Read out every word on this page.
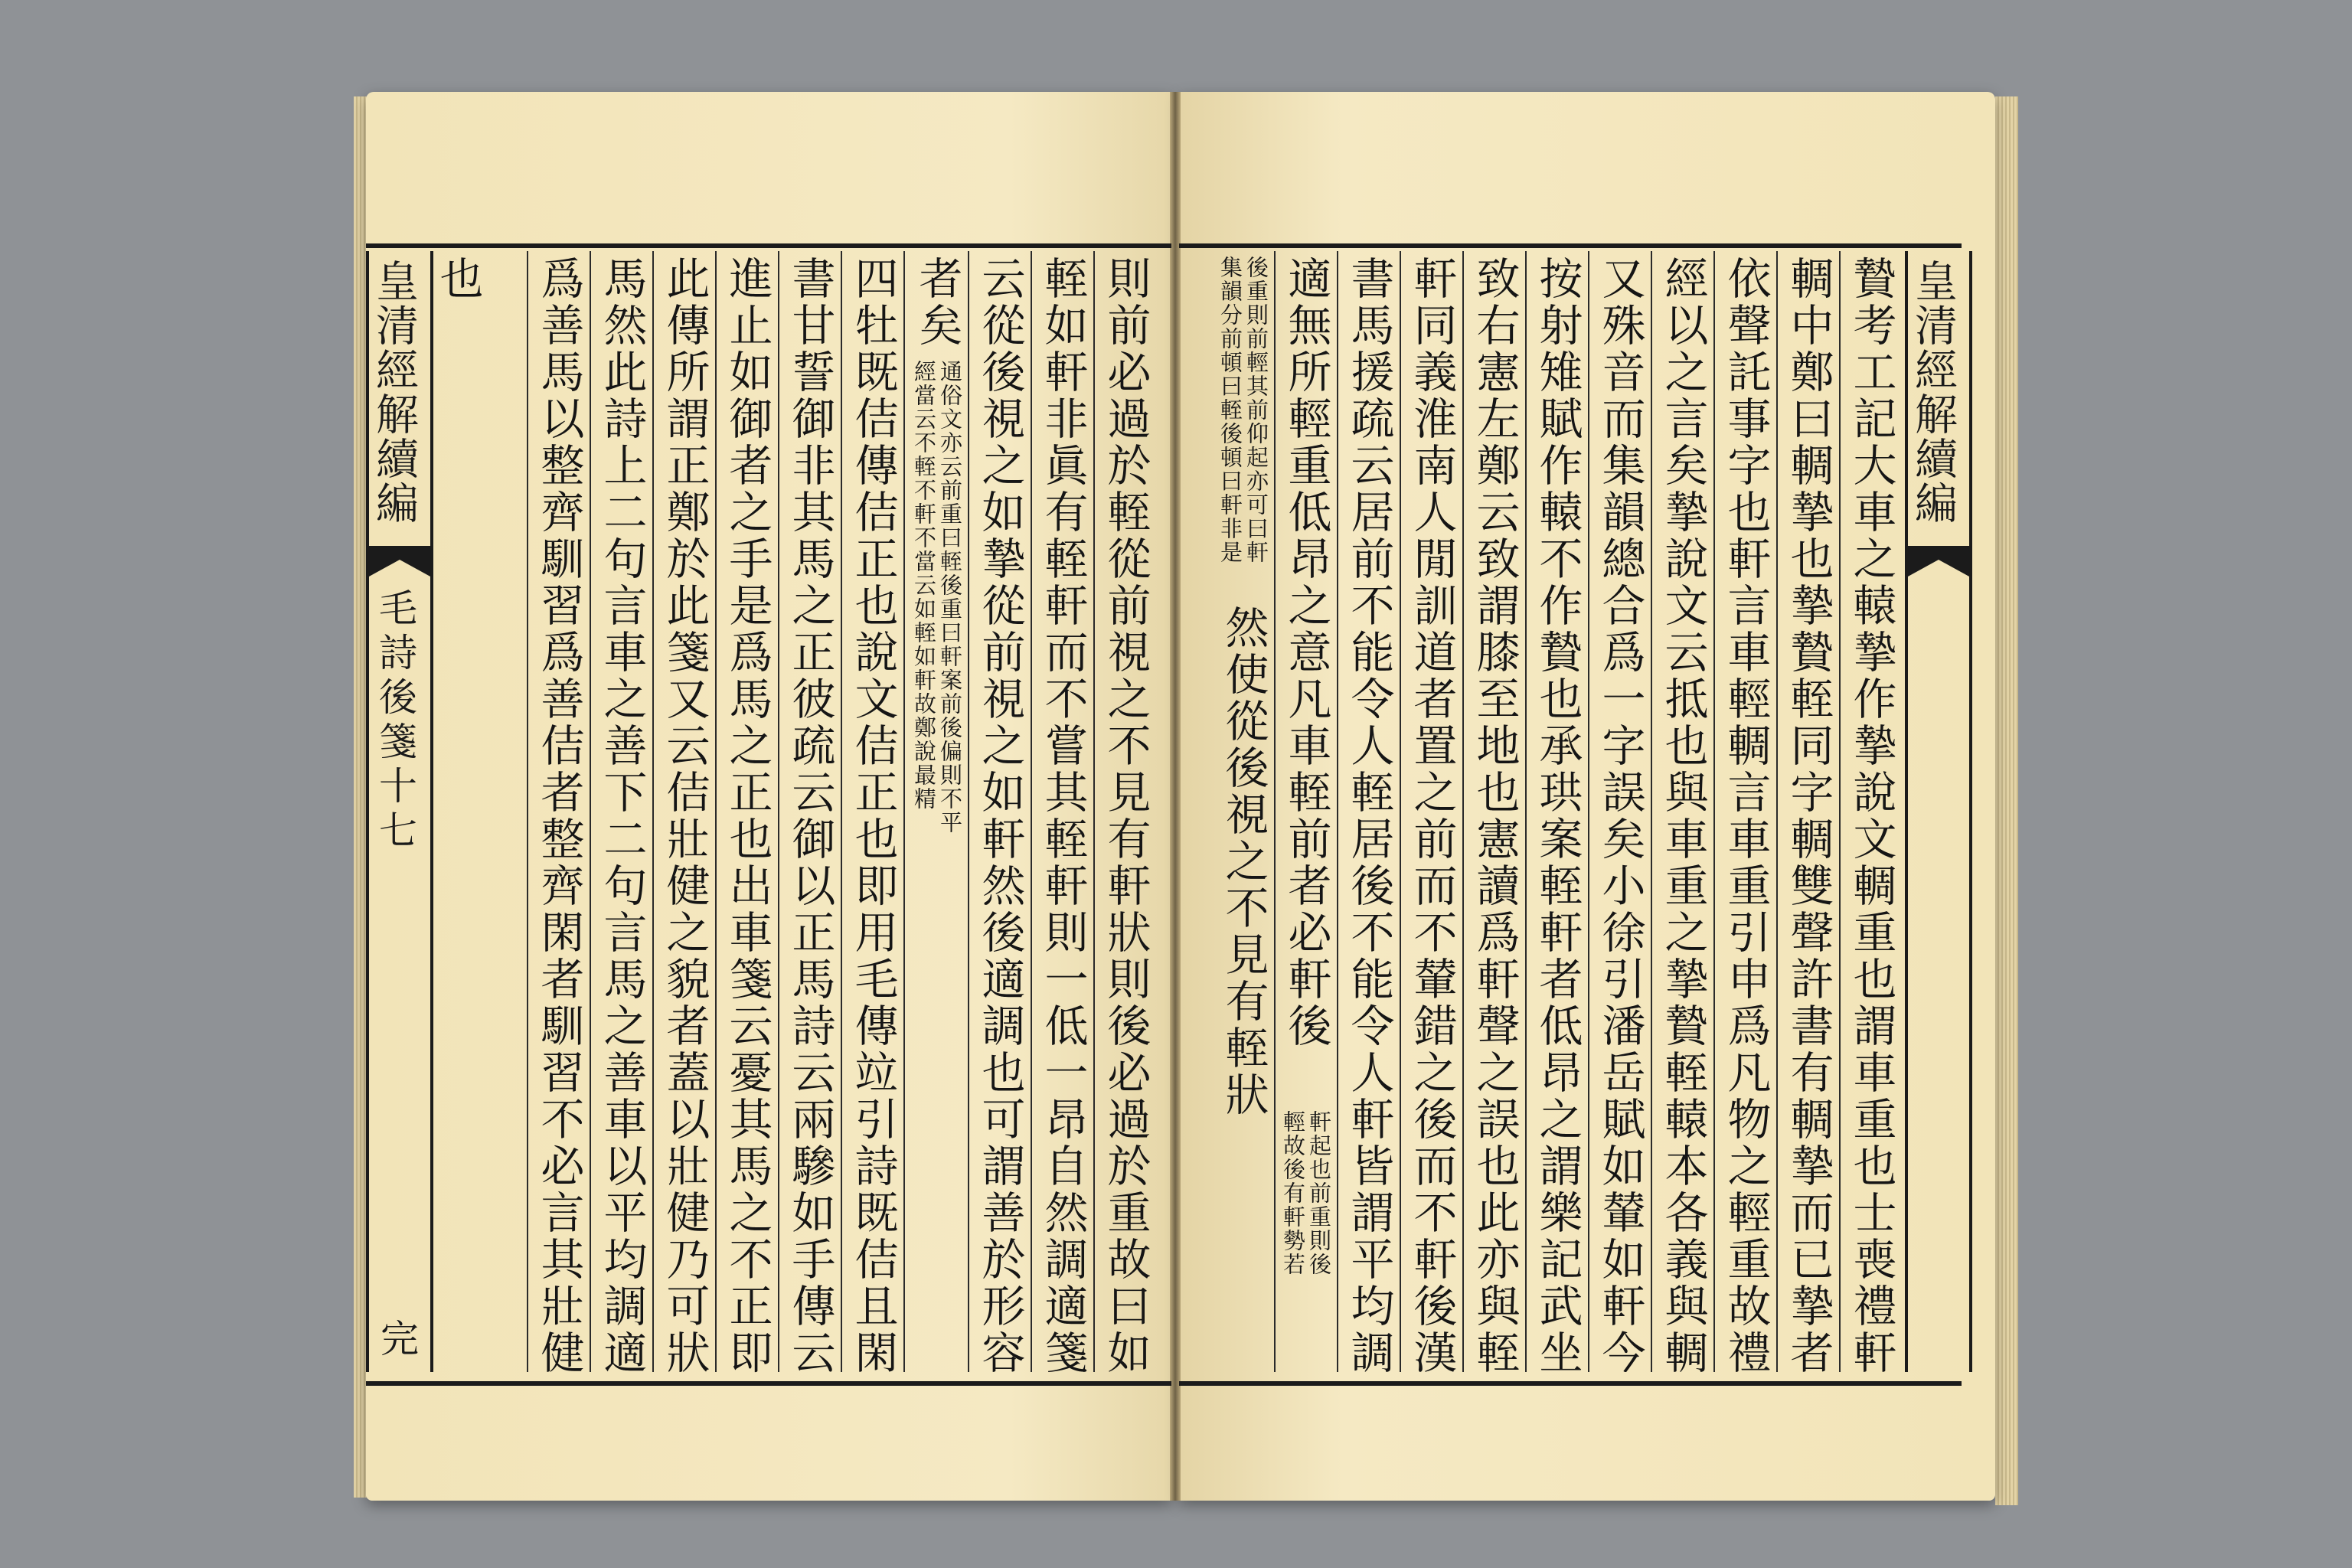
皇清經解續編
毛詩後箋十七
完
皇清經解續編
則前必過於輊從前視之不見有軒狀則後必過於重故曰如
輊如軒非眞有輊軒而不嘗其輊軒則一低一昂自然調適箋
云從後視之如摯從前視之如軒然後適調也可謂善於形容
者矣
通俗文亦云前重曰輊後重曰軒案前後偏則不平
經當云不輊不軒不當云如輊如軒故鄭說最精
四牡既佶傳佶正也說文佶正也即用毛傳竝引詩既佶且閑
書甘誓御非其馬之正彼疏云御以正馬詩云兩驂如手傳云
進止如御者之手是爲馬之正也出車箋云憂其馬之不正即
此傳所謂正鄭於此箋又云佶壯健之貌者蓋以壯健乃可狀
馬然此詩上二句言車之善下二句言馬之善車以平均調適
爲善馬以整齊馴習爲善佶者整齊閑者馴習不必言其壯健
也	贄考工記大車之轅摯作摯說文輖重也謂車重也士喪禮軒
輖中鄭曰輖摯也摯贄輊同字輖雙聲許書有輖摯而已摯者
依聲託事字也軒言車輕輖言車重引申爲凡物之輕重故禮
經以之言矣摯說文云抵也與車重之摯贄輊轅本各義與輖
又殊音而集韻總合爲一字誤矣小徐引潘岳賦如輦如軒今
按射雉賦作轅不作贄也承珙案輊軒者低昂之謂樂記武坐
致右憲左鄭云致謂膝至地也憲讀爲軒聲之誤也此亦與輊
軒同義淮南人閒訓道者置之前而不輦錯之後而不軒後漢
書馬援疏云居前不能令人輊居後不能令人軒皆謂平均調
適無所輕重低昂之意凡車輊前者必軒後
軒起也前重則後
輕故後有軒勢若
後重則前輕其前仰起亦可曰軒
集韻分前頓曰輊後頓曰軒非是
然使從後視之不見有輊狀
